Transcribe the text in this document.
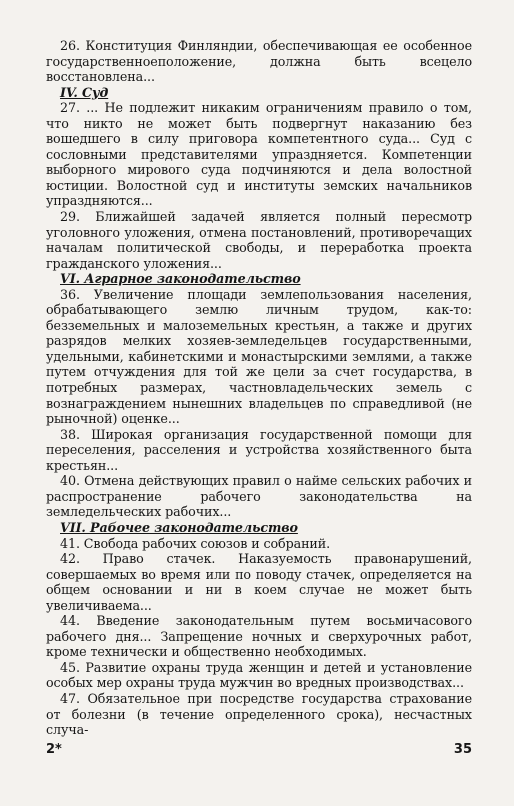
26. Конституция Финляндии, обеспечивающая ее особенное государственноеположение, должна быть всецело восстановлена...

IV. Суд

27. ... Не подлежит никаким ограничениям правило о том, что никто не может быть подвергнут наказанию без вошедшего в силу приговора компетентного суда... Суд с сословными представителями упраздняется. Компетенции выборного мирового суда подчиняются и дела волостной юстиции. Волостной суд и институты земских начальников упраздняются...

29. Ближайшей задачей является полный пересмотр уголовного уложения, отмена постановлений, противоречащих началам политической свободы, и переработка проекта гражданского уложения...

VI. Аграрное законодательство

36. Увеличение площади землепользования населения, обрабатывающего землю личным трудом, как-то: безземельных и малоземельных крестьян, а также и других разрядов мелких хозяев-земледельцев государственными, удельными, кабинетскими и монастырскими землями, а также путем отчуждения для той же цели за счет государства, в потребных размерах, частновладельческих земель с вознаграждением нынешних владельцев по справедливой (не рыночной) оценке...

38. Широкая организация государственной помощи для переселения, расселения и устройства хозяйственного быта крестьян...

40. Отмена действующих правил о найме сельских рабочих и распространение рабочего законодательства на земледельческих рабочих...

VII. Рабочее законодательство

41. Свобода рабочих союзов и собраний.

42. Право стачек. Наказуемость правонарушений, совершаемых во время или по поводу стачек, определяется на общем основании и ни в коем случае не может быть увеличиваема...

44. Введение законодательным путем восьмичасового рабочего дня... Запрещение ночных и сверхурочных работ, кроме технически и общественно необходимых.

45. Развитие охраны труда женщин и детей и установление особых мер охраны труда мужчин во вредных производствах...

47. Обязательное при посредстве государства страхование от болезни (в течение определенного срока), несчастных случа-

2*	35
